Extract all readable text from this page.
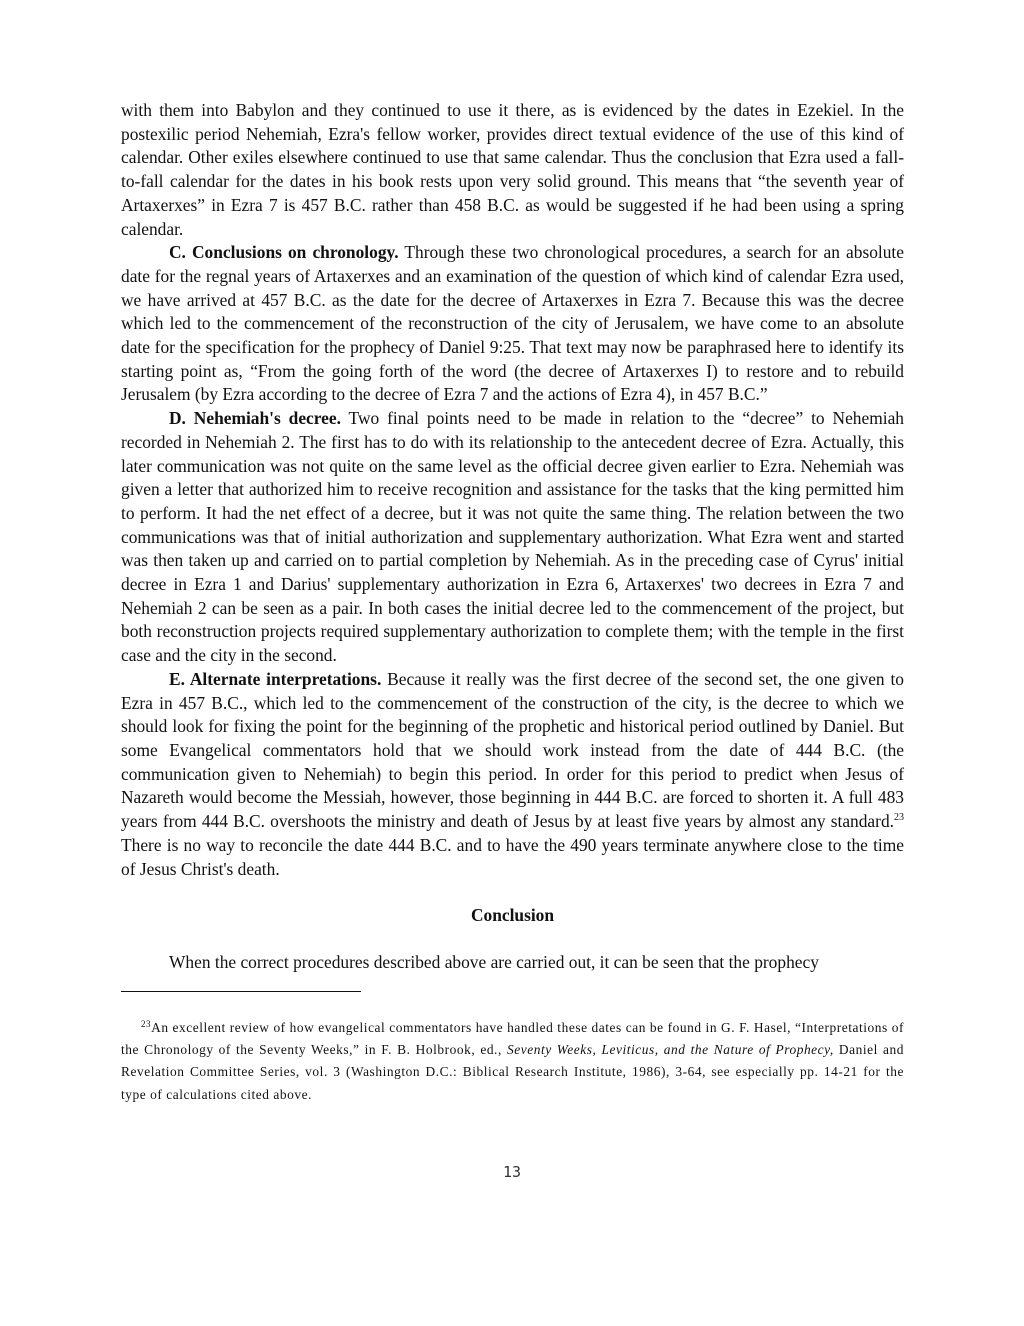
with them into Babylon and they continued to use it there, as is evidenced by the dates in Ezekiel. In the postexilic period Nehemiah, Ezra's fellow worker, provides direct textual evidence of the use of this kind of calendar. Other exiles elsewhere continued to use that same calendar. Thus the conclusion that Ezra used a fall-to-fall calendar for the dates in his book rests upon very solid ground. This means that “the seventh year of Artaxerxes” in Ezra 7 is 457 B.C. rather than 458 B.C. as would be suggested if he had been using a spring calendar.

C. Conclusions on chronology. Through these two chronological procedures, a search for an absolute date for the regnal years of Artaxerxes and an examination of the question of which kind of calendar Ezra used, we have arrived at 457 B.C. as the date for the decree of Artaxerxes in Ezra 7. Because this was the decree which led to the commencement of the reconstruction of the city of Jerusalem, we have come to an absolute date for the specification for the prophecy of Daniel 9:25. That text may now be paraphrased here to identify its starting point as, “From the going forth of the word (the decree of Artaxerxes I) to restore and to rebuild Jerusalem (by Ezra according to the decree of Ezra 7 and the actions of Ezra 4), in 457 B.C.”

D. Nehemiah's decree. Two final points need to be made in relation to the “decree” to Nehemiah recorded in Nehemiah 2. The first has to do with its relationship to the antecedent decree of Ezra. Actually, this later communication was not quite on the same level as the official decree given earlier to Ezra. Nehemiah was given a letter that authorized him to receive recognition and assistance for the tasks that the king permitted him to perform. It had the net effect of a decree, but it was not quite the same thing. The relation between the two communications was that of initial authorization and supplementary authorization. What Ezra went and started was then taken up and carried on to partial completion by Nehemiah. As in the preceding case of Cyrus' initial decree in Ezra 1 and Darius' supplementary authorization in Ezra 6, Artaxerxes' two decrees in Ezra 7 and Nehemiah 2 can be seen as a pair. In both cases the initial decree led to the commencement of the project, but both reconstruction projects required supplementary authorization to complete them; with the temple in the first case and the city in the second.

E. Alternate interpretations. Because it really was the first decree of the second set, the one given to Ezra in 457 B.C., which led to the commencement of the construction of the city, is the decree to which we should look for fixing the point for the beginning of the prophetic and historical period outlined by Daniel. But some Evangelical commentators hold that we should work instead from the date of 444 B.C. (the communication given to Nehemiah) to begin this period. In order for this period to predict when Jesus of Nazareth would become the Messiah, however, those beginning in 444 B.C. are forced to shorten it. A full 483 years from 444 B.C. overshoots the ministry and death of Jesus by at least five years by almost any standard.$^{23}$ There is no way to reconcile the date 444 B.C. and to have the 490 years terminate anywhere close to the time of Jesus Christ's death.

Conclusion

When the correct procedures described above are carried out, it can be seen that the prophecy

$^{23}$An excellent review of how evangelical commentators have handled these dates can be found in G. F. Hasel, “Interpretations of the Chronology of the Seventy Weeks,” in F. B. Holbrook, ed., Seventy Weeks, Leviticus, and the Nature of Prophecy, Daniel and Revelation Committee Series, vol. 3 (Washington D.C.: Biblical Research Institute, 1986), 3-64, see especially pp. 14-21 for the type of calculations cited above.
13
